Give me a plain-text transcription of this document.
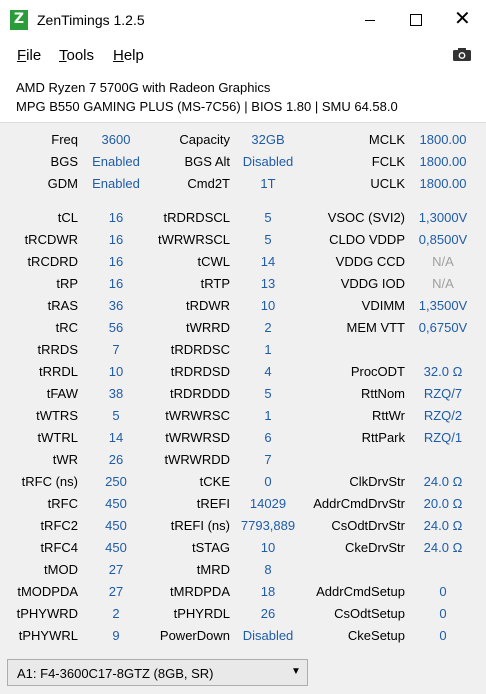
Z ZenTimings 1.2.5	✕
File Tools Help
AMD Ryzen 7 5700G with Radeon Graphics
MPG B550 GAMING PLUS (MS-7C56) | BIOS 1.80 | SMU 64.58.0
Freq	3600	Capacity	32GB	MCLK	1800.00
BGS	Enabled	BGS Alt Disabled	FCLK	1800.00
GDM	Enabled	Cmd2T	1T	UCLK	1800.00
tCL	16	tRDRDSCL	5	VSOC (SVI2)	1,3000V
tRCDWR	16	tWRWRSCL	5	CLDO VDDP	0,8500V
tRCDRD	16	tCWL	14	VDDG CCD	N/A
tRP	16	tRTP	13	VDDG IOD	N/A
tRAS	36	tRDWR	10	VDIMM	1,3500V
tRC	56	tWRRD	2	MEM VTT	0,6750V
tRRDS	7	tRDRDSC	1
tRRDL	10	tRDRDSD	4	ProcODT	32.0 Ω
tFAW	38	tRDRDDD	5	RttNom	RZQ/7
tWTRS	5	tWRWRSC	1	RttWr	RZQ/2
tWTRL	14	tWRWRSD	6	RttPark	RZQ/1
tWR	26	tWRWRDD	7
tRFC (ns)	250	tCKE	0	ClkDrvStr	24.0 Ω
tRFC	450	tREFI	14029	AddrCmdDrvStr	20.0 Ω
tRFC2	450	tREFI (ns) 7793,889	CsOdtDrvStr	24.0 Ω
tRFC4	450	tSTAG	10	CkeDrvStr	24.0 Ω
tMOD	27	tMRD	8
tMODPDA	27	tMRDPDA	18	AddrCmdSetup	0
tPHYWRD	2	tPHYRDL	26	CsOdtSetup	0
tPHYWRL	9	PowerDown Disabled	CkeSetup	0
A1: F4-3600C17-8GTZ (8GB, SR)	▼
